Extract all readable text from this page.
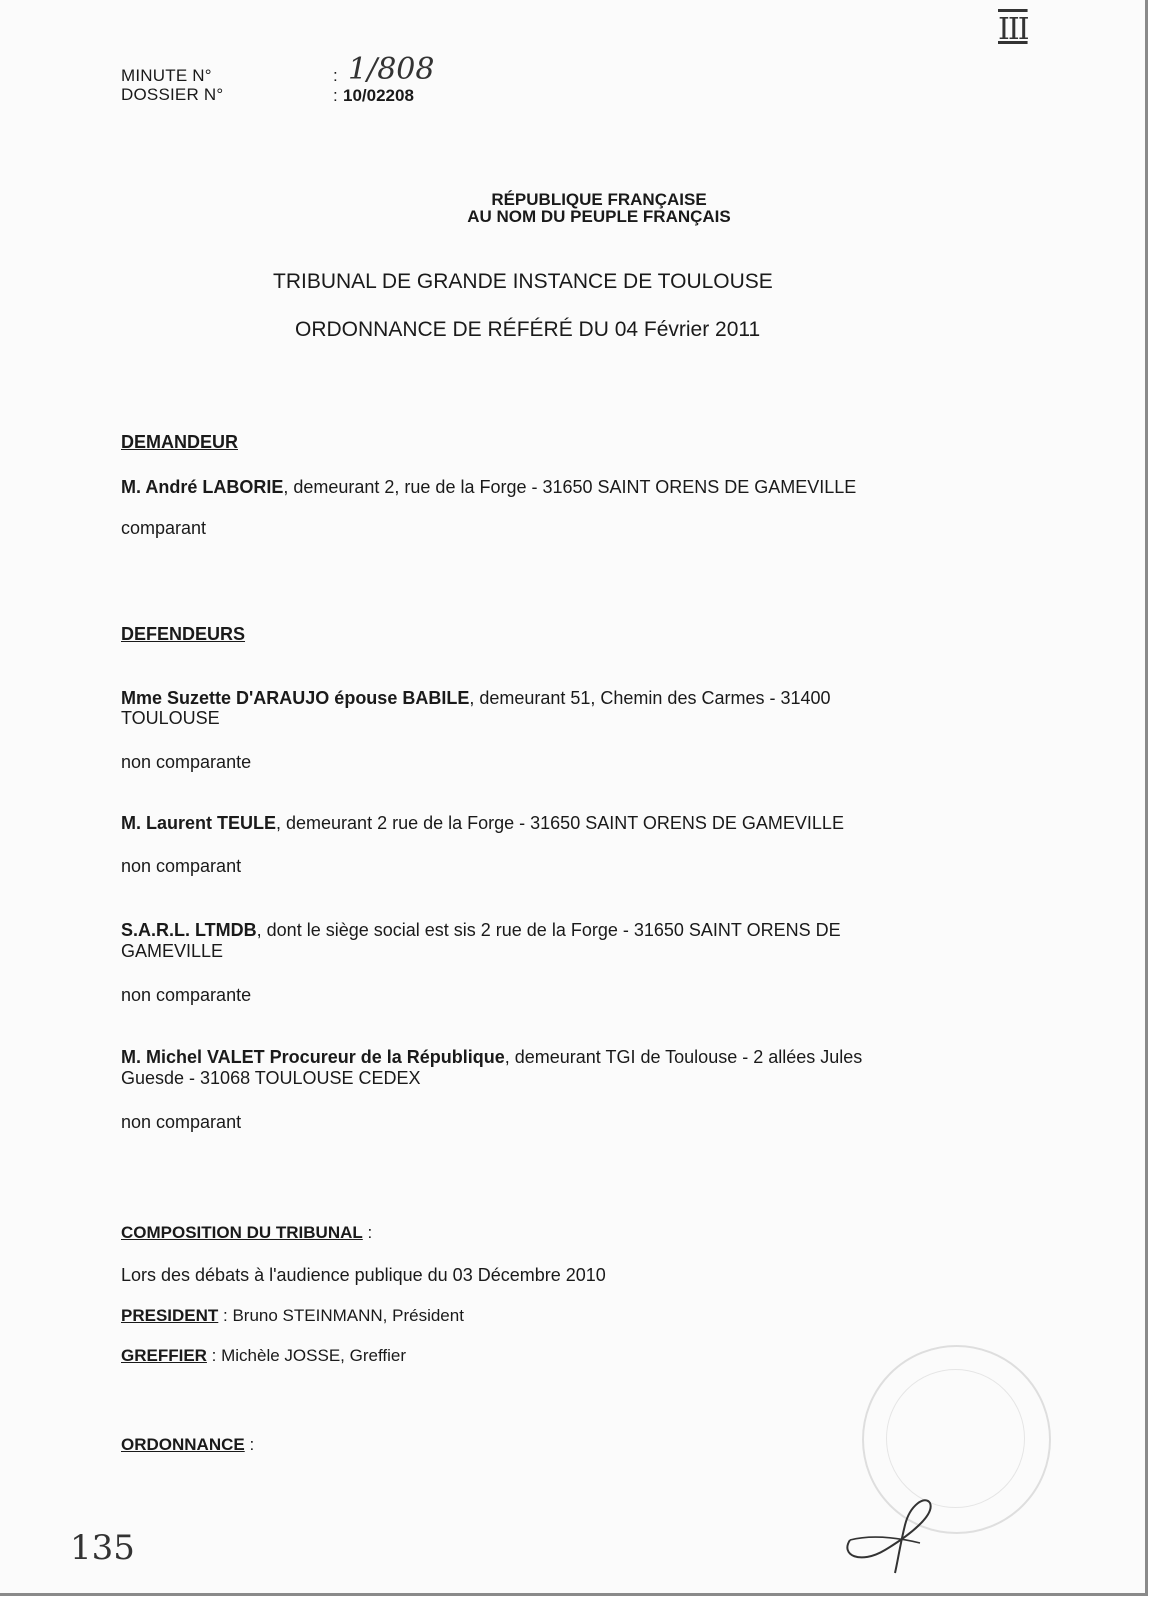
III
MINUTE N°
DOSSIER N°
: 1/808
: 10/02208
RÉPUBLIQUE FRANÇAISE
AU NOM DU PEUPLE FRANÇAIS
TRIBUNAL DE GRANDE INSTANCE DE TOULOUSE
ORDONNANCE DE RÉFÉRÉ DU 04 Février 2011
DEMANDEUR
M. André LABORIE, demeurant 2, rue de la Forge - 31650 SAINT ORENS DE GAMEVILLE
comparant
DEFENDEURS
Mme Suzette D'ARAUJO épouse BABILE, demeurant 51, Chemin des Carmes - 31400
TOULOUSE
non comparante
M. Laurent TEULE, demeurant 2 rue de la Forge - 31650 SAINT ORENS DE GAMEVILLE
non comparant
S.A.R.L. LTMDB, dont le siège social est sis 2 rue de la Forge - 31650 SAINT ORENS DE
GAMEVILLE
non comparante
M. Michel VALET Procureur de la République, demeurant TGI de Toulouse - 2 allées Jules
Guesde - 31068 TOULOUSE CEDEX
non comparant
COMPOSITION DU TRIBUNAL :
Lors des débats à l'audience publique du 03 Décembre 2010
PRESIDENT : Bruno STEINMANN, Président
GREFFIER : Michèle JOSSE, Greffier
ORDONNANCE :
135
